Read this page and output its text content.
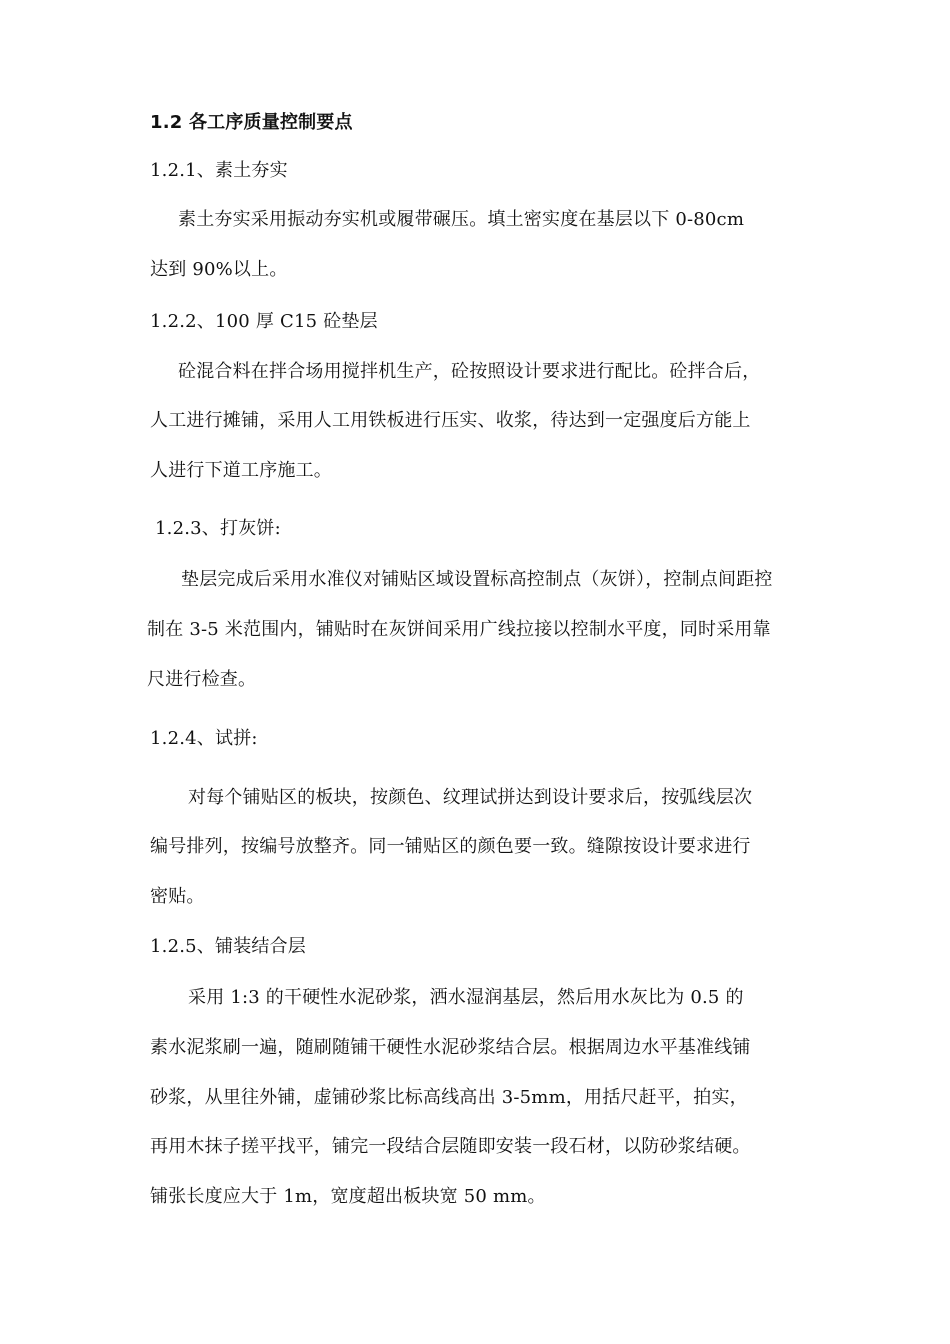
1.2 各工序质量控制要点
1.2.1、素土夯实
素土夯实采用振动夯实机或履带碾压。填土密实度在基层以下 0-80cm
达到 90%以上。
1.2.2、100 厚 C15 砼垫层
砼混合料在拌合场用搅拌机生产，砼按照设计要求进行配比。砼拌合后，
人工进行摊铺，采用人工用铁板进行压实、收浆，待达到一定强度后方能上
人进行下道工序施工。
1.2.3、打灰饼:
垫层完成后采用水准仪对铺贴区域设置标高控制点（灰饼），控制点间距控
制在 3-5 米范围内，铺贴时在灰饼间采用广线拉接以控制水平度，同时采用靠
尺进行检查。
1.2.4、试拼:
对每个铺贴区的板块，按颜色、纹理试拼达到设计要求后，按弧线层次
编号排列，按编号放整齐。同一铺贴区的颜色要一致。缝隙按设计要求进行
密贴。
1.2.5、铺装结合层
采用 1:3 的干硬性水泥砂浆，洒水湿润基层，然后用水灰比为 0.5 的
素水泥浆刷一遍，随刷随铺干硬性水泥砂浆结合层。根据周边水平基准线铺
砂浆，从里往外铺，虚铺砂浆比标高线高出 3-5mm，用括尺赶平，拍实，
再用木抹子搓平找平，铺完一段结合层随即安装一段石材，以防砂浆结硬。
铺张长度应大于 1m，宽度超出板块宽 50 mm。
